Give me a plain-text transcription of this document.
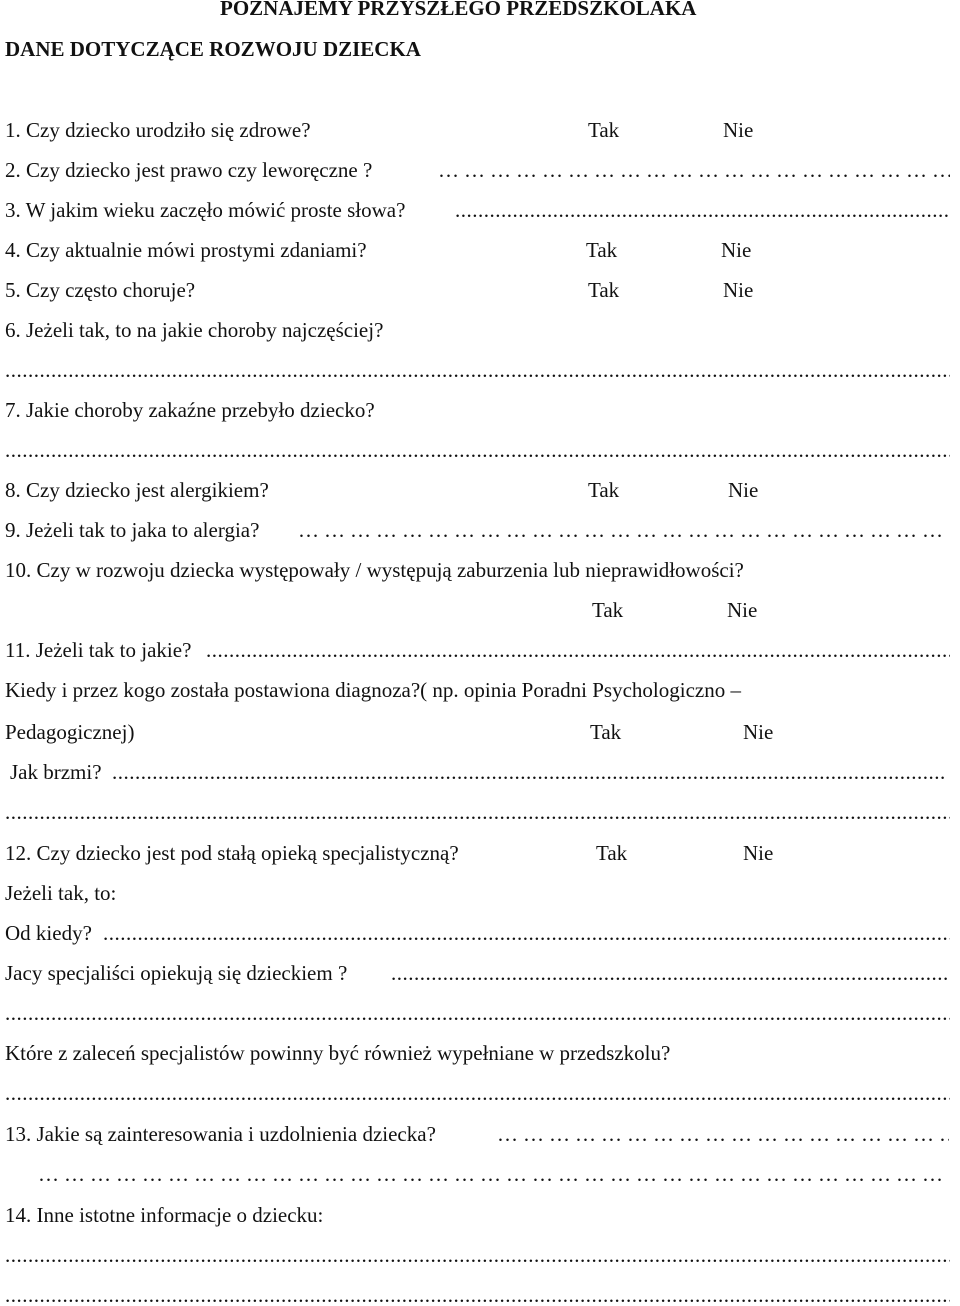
POZNAJEMY PRZYSZŁEGO PRZEDSZKOLAKA
DANE DOTYCZĄCE ROZWOJU DZIECKA
1. Czy dziecko urodziło się zdrowe?	Tak	Nie
2. Czy dziecko jest prawo czy leworęczne ?
………………………………………………………………………………………………………………
3. W jakim wieku zaczęło mówić proste słowa?
.....
4. Czy aktualnie mówi prostymi zdaniami?	Tak	Nie
5. Czy często choruje?	Tak	Nie
6. Jeżeli tak, to na jakie choroby najczęściej?
.....
7. Jakie choroby zakaźne przebyło dziecko?
.....
8. Czy dziecko jest alergikiem?	Tak	Nie
9. Jeżeli tak to jaka to alergia?
………………………………………………………………………………………………………………
10. Czy w rozwoju dziecka występowały / występują zaburzenia lub nieprawidłowości?
Tak	Nie
11. Jeżeli tak to jakie?
.....
Kiedy i przez kogo została postawiona diagnoza?( np. opinia Poradni Psychologiczno –
Pedagogicznej)	Tak	Nie
Jak brzmi?
.....
.....
12. Czy dziecko jest pod stałą opieką specjalistyczną?	Tak	Nie
Jeżeli tak, to:
Od kiedy?
.....
Jacy specjaliści opiekują się dzieckiem ?
.....
.....
Które z zaleceń specjalistów powinny być również wypełniane w przedszkolu?
.....
13. Jakie są zainteresowania i uzdolnienia dziecka?
………………………………………………………………………………………………………………
………………………………………………………………………………………………………………
14. Inne istotne informacje o dziecku:
.....
.....
